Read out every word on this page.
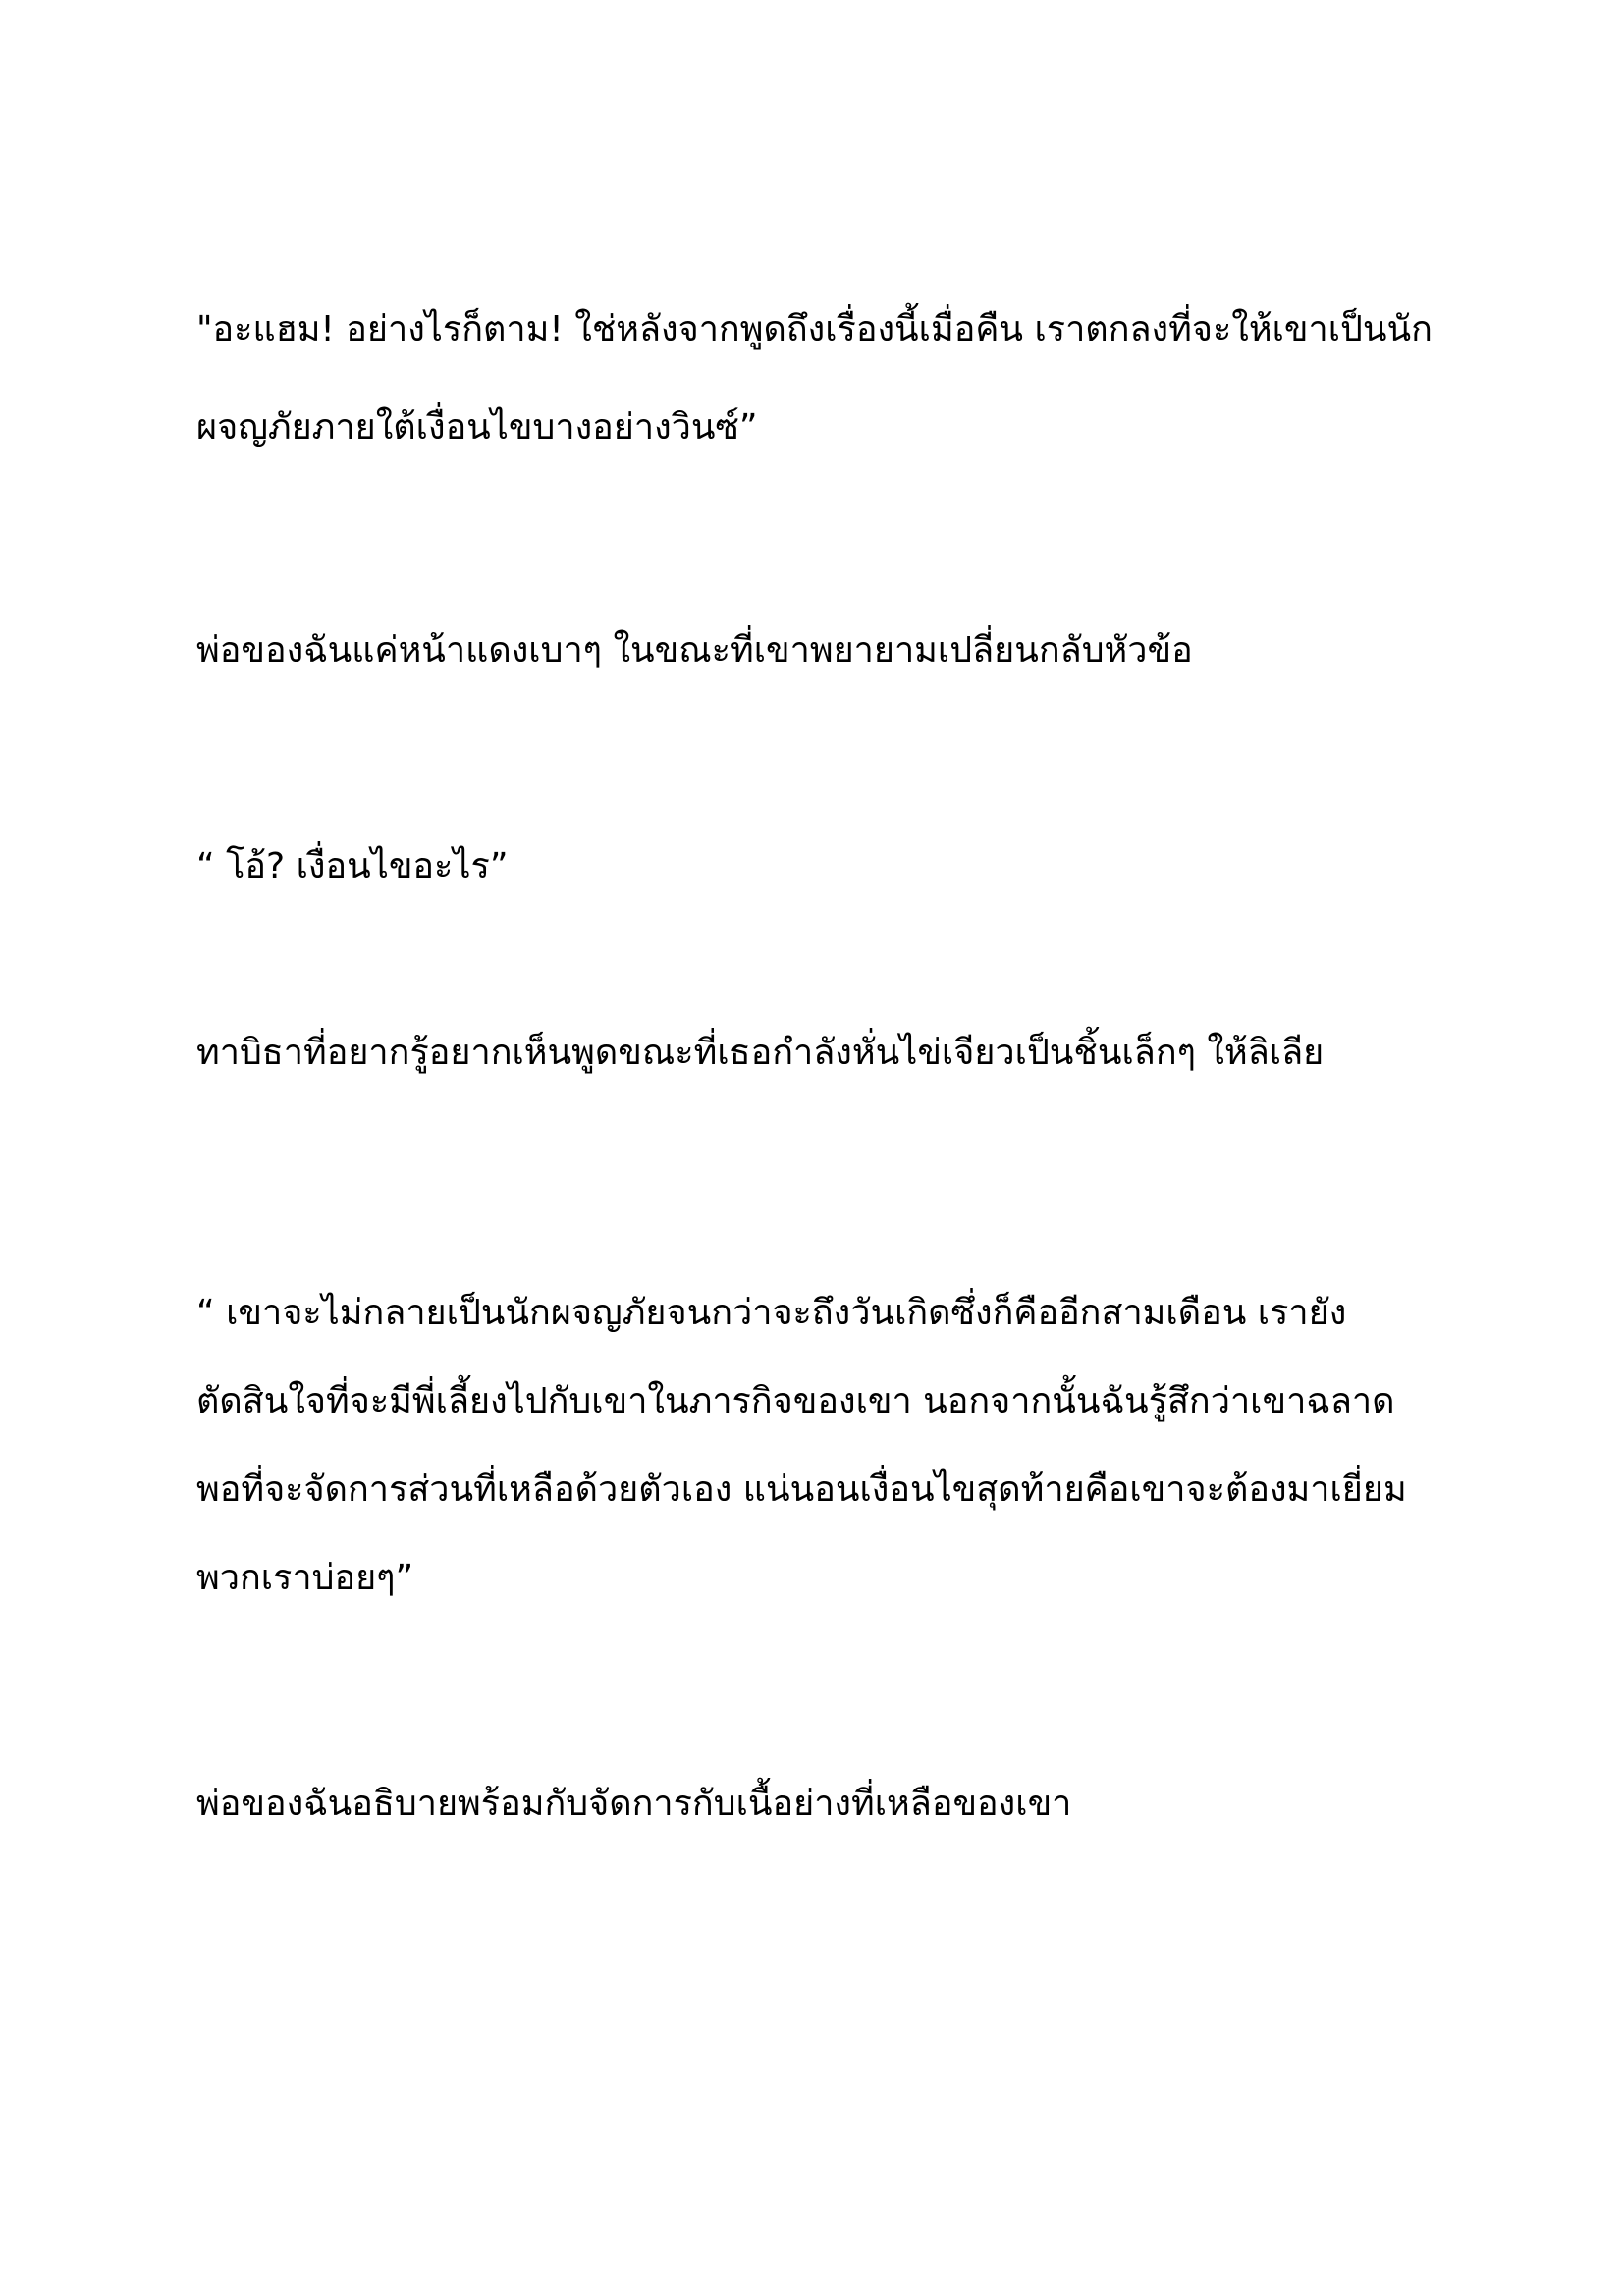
"อะแฮม! อย่างไรก็ตาม! ใช่หลังจากพูดถึงเรื่องนี้เมื่อคืน เราตกลงที่จะให้เขาเป็นนัก
ผจญภัยภายใต้เงื่อนไขบางอย่างวินซ์”
พ่อของฉันแค่หน้าแดงเบาๆ ในขณะที่เขาพยายามเปลี่ยนกลับหัวข้อ
“ โอ้? เงื่อนไขอะไร”
ทาบิธาที่อยากรู้อยากเห็นพูดขณะที่เธอกำลังหั่นไข่เจียวเป็นชิ้นเล็กๆ ให้ลิเลีย
“ เขาจะไม่กลายเป็นนักผจญภัยจนกว่าจะถึงวันเกิดซึ่งก็คืออีกสามเดือน เรายัง
ตัดสินใจที่จะมีพี่เลี้ยงไปกับเขาในภารกิจของเขา นอกจากนั้นฉันรู้สึกว่าเขาฉลาด
พอที่จะจัดการส่วนที่เหลือด้วยตัวเอง แน่นอนเงื่อนไขสุดท้ายคือเขาจะต้องมาเยี่ยม
พวกเราบ่อยๆ”
พ่อของฉันอธิบายพร้อมกับจัดการกับเนื้อย่างที่เหลือของเขา
